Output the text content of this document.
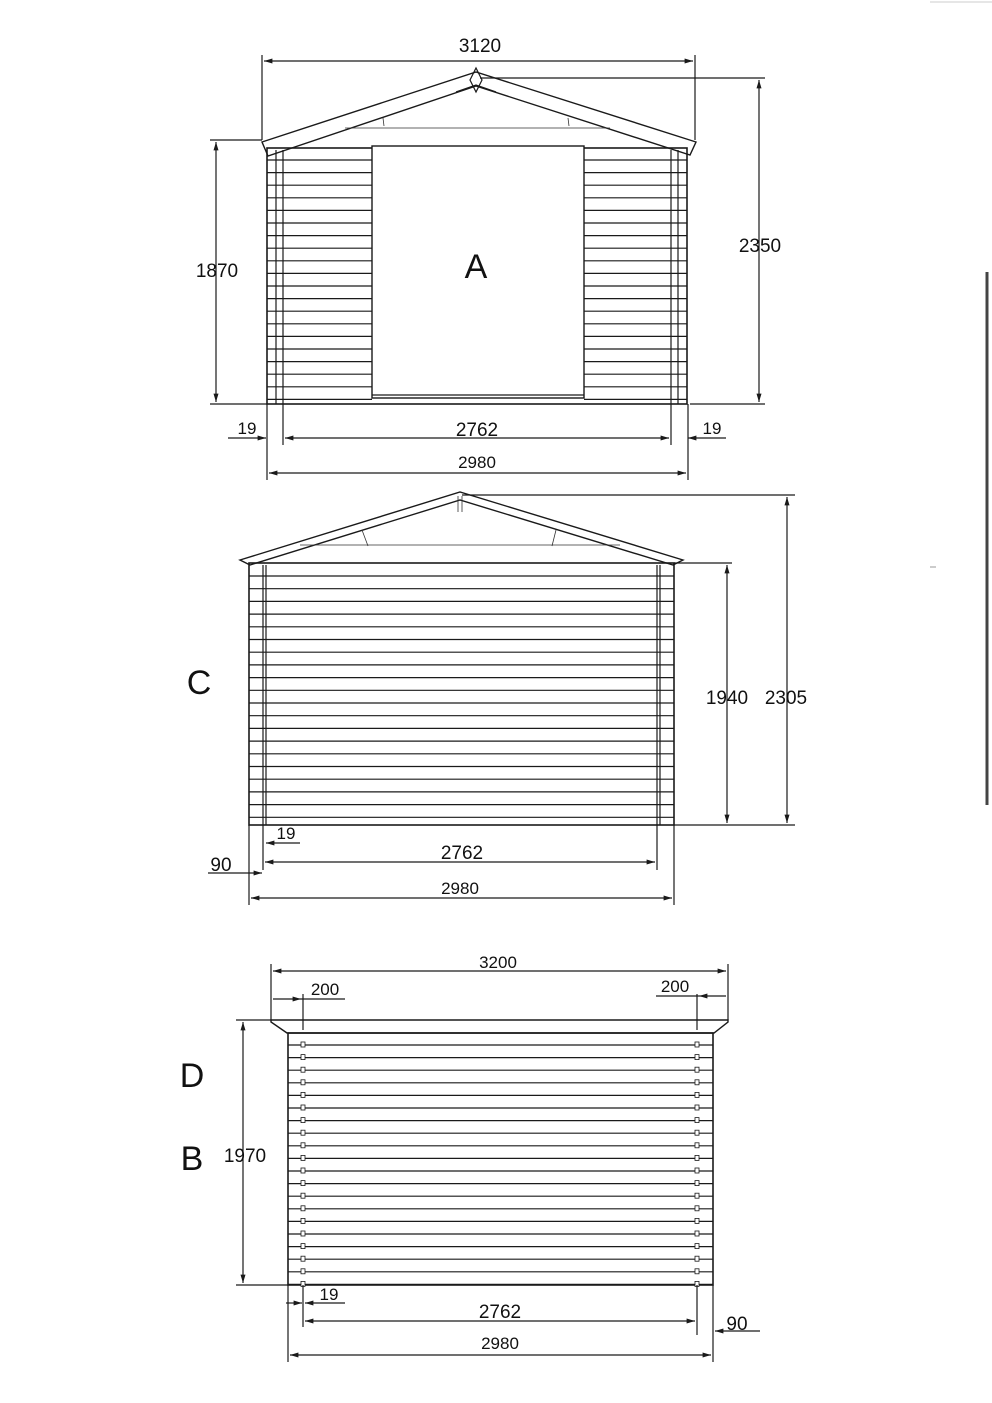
3120
1870
2350
2762
19	19
2980
A
1940 2305
19
2762
90
2980
C
3200
200	200
1970
19
2762
90
2980
D
B
